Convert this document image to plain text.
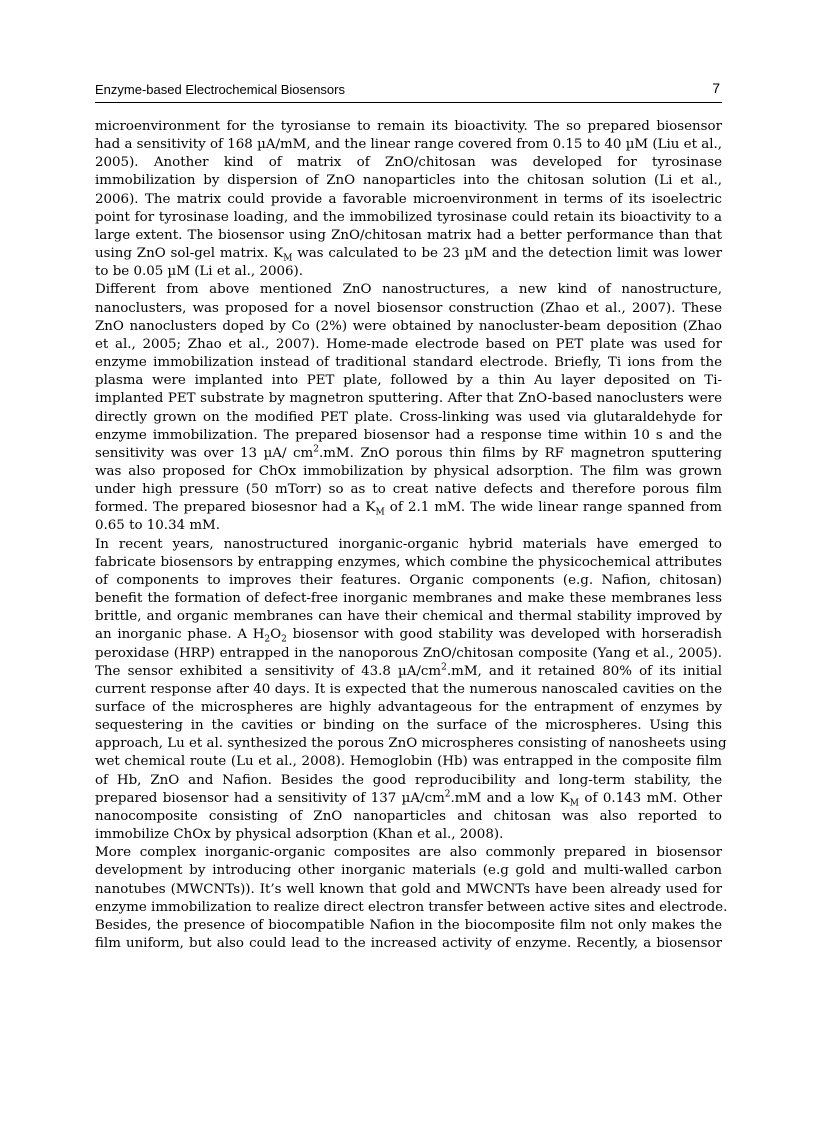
Enzyme-based Electrochemical Biosensors	7
microenvironment for the tyrosianse to remain its bioactivity. The so prepared biosensor
had a sensitivity of 168 µA/mM, and the linear range covered from 0.15 to 40 µM (Liu et al.,
2005). Another kind of matrix of ZnO/chitosan was developed for tyrosinase
immobilization by dispersion of ZnO nanoparticles into the chitosan solution (Li et al.,
2006). The matrix could provide a favorable microenvironment in terms of its isoelectric
point for tyrosinase loading, and the immobilized tyrosinase could retain its bioactivity to a
large extent. The biosensor using ZnO/chitosan matrix had a better performance than that
using ZnO sol-gel matrix. $K_M$ was calculated to be 23 µM and the detection limit was lower
to be 0.05 µM (Li et al., 2006).
Different from above mentioned ZnO nanostructures, a new kind of nanostructure,
nanoclusters, was proposed for a novel biosensor construction (Zhao et al., 2007). These
ZnO nanoclusters doped by Co (2%) were obtained by nanocluster-beam deposition (Zhao
et al., 2005; Zhao et al., 2007). Home-made electrode based on PET plate was used for
enzyme immobilization instead of traditional standard electrode. Briefly, Ti ions from the
plasma were implanted into PET plate, followed by a thin Au layer deposited on Ti-
implanted PET substrate by magnetron sputtering. After that ZnO-based nanoclusters were
directly grown on the modified PET plate. Cross-linking was used via glutaraldehyde for
enzyme immobilization. The prepared biosensor had a response time within 10 s and the
sensitivity was over 13 µA/ $cm^2.mM$. ZnO porous thin films by RF magnetron sputtering
was also proposed for ChOx immobilization by physical adsorption. The film was grown
under high pressure (50 mTorr) so as to creat native defects and therefore porous film
formed. The prepared biosesnor had a $K_M$ of 2.1 mM. The wide linear range spanned from
0.65 to 10.34 mM.
In recent years, nanostructured inorganic-organic hybrid materials have emerged to
fabricate biosensors by entrapping enzymes, which combine the physicochemical attributes
of components to improves their features. Organic components (e.g. Nafion, chitosan)
benefit the formation of defect-free inorganic membranes and make these membranes less
brittle, and organic membranes can have their chemical and thermal stability improved by
an inorganic phase. A $H_2O_2$ biosensor with good stability was developed with horseradish
peroxidase (HRP) entrapped in the nanoporous ZnO/chitosan composite (Yang et al., 2005).
The sensor exhibited a sensitivity of 43.8 $\mu A/cm^2.mM$, and it retained 80% of its initial
current response after 40 days. It is expected that the numerous nanoscaled cavities on the
surface of the microspheres are highly advantageous for the entrapment of enzymes by
sequestering in the cavities or binding on the surface of the microspheres. Using this
approach, Lu et al. synthesized the porous ZnO microspheres consisting of nanosheets using
wet chemical route (Lu et al., 2008). Hemoglobin (Hb) was entrapped in the composite film
of Hb, ZnO and Nafion. Besides the good reproducibility and long-term stability, the
prepared biosensor had a sensitivity of 137 $\mu A/cm^2.mM$ and a low $K_M$ of 0.143 mM. Other
nanocomposite consisting of ZnO nanoparticles and chitosan was also reported to
immobilize ChOx by physical adsorption (Khan et al., 2008).
More complex inorganic-organic composites are also commonly prepared in biosensor
development by introducing other inorganic materials (e.g gold and multi-walled carbon
nanotubes (MWCNTs)). It’s well known that gold and MWCNTs have been already used for
enzyme immobilization to realize direct electron transfer between active sites and electrode.
Besides, the presence of biocompatible Nafion in the biocomposite film not only makes the
film uniform, but also could lead to the increased activity of enzyme. Recently, a biosensor
